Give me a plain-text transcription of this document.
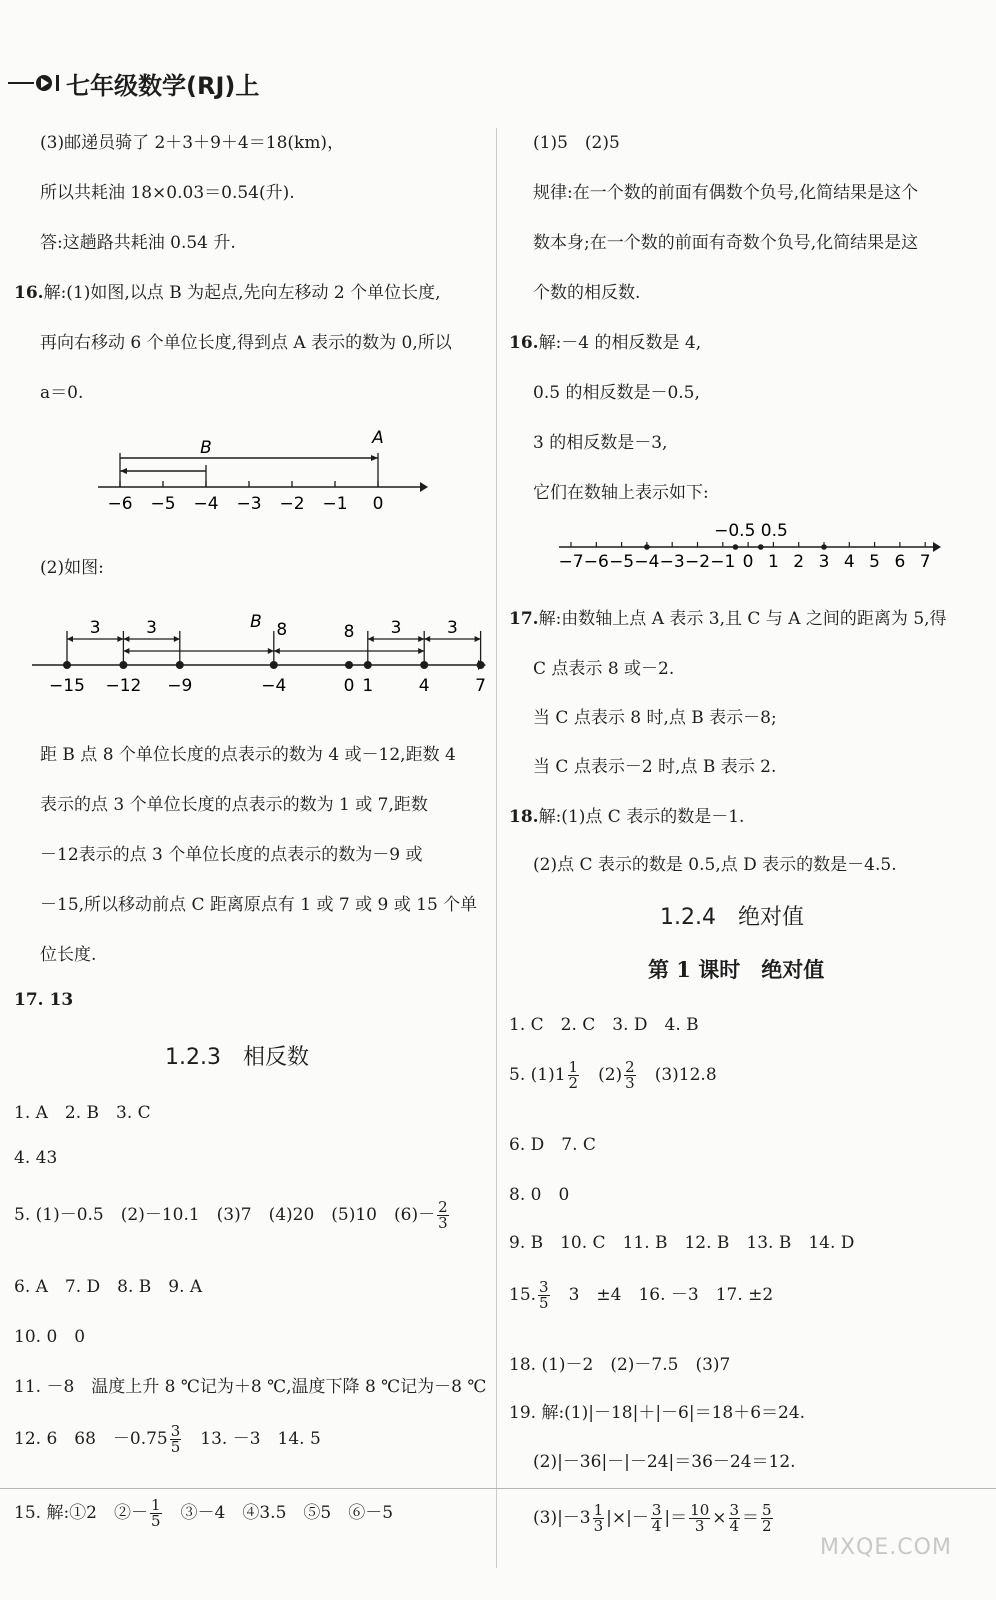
七年级数学(RJ)上
(3)邮递员骑了 2＋3＋9＋4＝18(km)，
所以共耗油 18×0.03＝0.54(升).
答:这趟路共耗油 0.54 升.
16.解:(1)如图,以点 B 为起点,先向左移动 2 个单位长度,
再向右移动 6 个单位长度,得到点 A 表示的数为 0,所以
a＝0.
B	A
−6 −5 −4 −3 −2 −1 0
(2)如图:
−15 −12 −9	−4	0 1	4	7
3	3	8	8 3	3
B
距 B 点 8 个单位长度的点表示的数为 4 或－12,距数 4
表示的点 3 个单位长度的点表示的数为 1 或 7,距数
－12表示的点 3 个单位长度的点表示的数为－9 或
－15,所以移动前点 C 距离原点有 1 或 7 或 9 或 15 个单
位长度.
17. 13
1.2.3　相反数
1. A　2. B　3. C
4. 43
5. (1)－0.5　(2)－10.1　(3)7　(4)20　(5)10　$(6)- \frac{2}{3}$
6. A　7. D　8. B　9. A
10. 0　0
11. －8　温度上升 8 ℃记为＋8 ℃,温度下降 8 ℃记为－8 ℃
12. 6　68　$-0.75 \frac{3}{5}$ 　13. －3　14. 5
15. 解:①2　②－ $\frac{1}{5}$ 　③－4　④3.5　⑤5　⑥－5
(1)5　(2)5
规律:在一个数的前面有偶数个负号,化简结果是这个
数本身;在一个数的前面有奇数个负号,化简结果是这
个数的相反数.
16.解:－4 的相反数是 4,
0.5 的相反数是－0.5,
3 的相反数是－3,
它们在数轴上表示如下:
−0.5 0.5
−7 −6 −5 −4 −3 −2 −1 0 1 2 3 4 5 6 7
17.解:由数轴上点 A 表示 3,且 C 与 A 之间的距离为 5,得
C 点表示 8 或－2.
当 C 点表示 8 时,点 B 表示－8;
当 C 点表示－2 时,点 B 表示 2.
18.解:(1)点 C 表示的数是－1.
(2)点 C 表示的数是 0.5,点 D 表示的数是－4.5.
1.2.4　绝对值
第 1 课时　绝对值
1. C　2. C　3. D　4. B
5. $(1)1 \frac{1}{2}$ 　$(2) \frac{2}{3}$ 　(3)12.8
6. D　7. C
8. 0　0
9. B　10. C　11. B　12. B　13. B　14. D
15. $\frac{3}{5}$ 　3　±4　16. －3　17. ±2
18. (1)－2　(2)－7.5　(3)7
19. 解:(1)|－18|＋|－6|＝18＋6＝24.
(2)|－36|－|－24|＝36－24＝12.
$(3)|-3 \frac{1}{3}$ |×|－ $\frac{3}{4}$ |＝ $\frac{10}{3} \times \frac{3}{4} = \frac{5}{2}$
MXQE.COM
